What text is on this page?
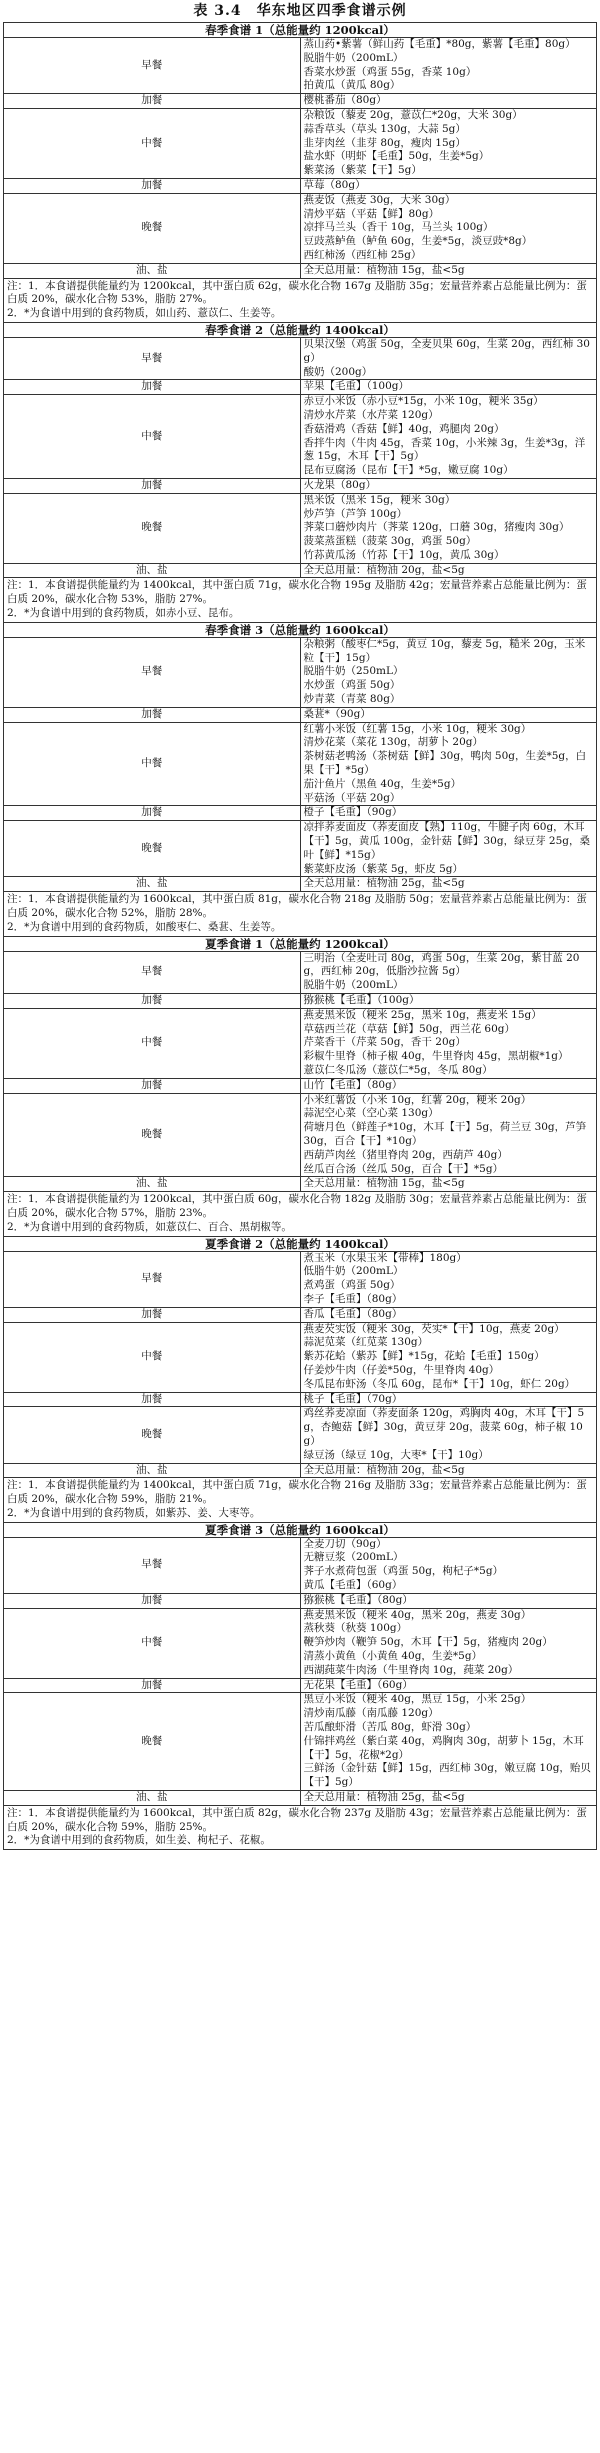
表 3.4　华东地区四季食谱示例
春季食谱 1（总能量约 1200kcal）	
早餐	蒸山药•紫薯（鲜山药【毛重】*80g，紫薯【毛重】80g）
脱脂牛奶（200mL）
香菜水炒蛋（鸡蛋 55g，香菜 10g）
拍黄瓜（黄瓜 80g）

加餐	樱桃番茄（80g）

中餐	杂粮饭（藜麦 20g，薏苡仁*20g，大米 30g）
蒜香草头（草头 130g，大蒜 5g）
韭芽肉丝（韭芽 80g，瘦肉 15g）
盐水虾（明虾【毛重】50g，生姜*5g）
紫菜汤（紫菜【干】5g）

加餐	草莓（80g）

晚餐	燕麦饭（燕麦 30g，大米 30g）
清炒平菇（平菇【鲜】80g）
凉拌马兰头（香干 10g，马兰头 100g）
豆豉蒸鲈鱼（鲈鱼 60g，生姜*5g，淡豆豉*8g）
西红柿汤（西红柿 25g）

油、盐	全天总用量：植物油 15g，盐<5g

注：1．本食谱提供能量约为 1200kcal，其中蛋白质 62g，碳水化合物 167g 及脂肪 35g；宏量营养素占总能量比例为：蛋白质 20%，碳水化合物 53%，脂肪 27%。
2．*为食谱中用到的食药物质，如山药、薏苡仁、生姜等。	

春季食谱 2（总能量约 1400kcal）	
早餐	贝果汉堡（鸡蛋 50g，全麦贝果 60g，生菜 20g，西红柿 30g）
酸奶（200g）

加餐	苹果【毛重】（100g）

中餐	赤豆小米饭（赤小豆*15g，小米 10g，粳米 35g）
清炒水芹菜（水芹菜 120g）
香菇滑鸡（香菇【鲜】40g，鸡腿肉 20g）
香拌牛肉（牛肉 45g，香菜 10g，小米辣 3g，生姜*3g，洋葱 15g，木耳【干】5g）
昆布豆腐汤（昆布【干】*5g，嫩豆腐 10g）

加餐	火龙果（80g）

晚餐	黑米饭（黑米 15g，粳米 30g）
炒芦笋（芦笋 100g）
荠菜口蘑炒肉片（荠菜 120g，口蘑 30g，猪瘦肉 30g）
菠菜蒸蛋糕（菠菜 30g，鸡蛋 50g）
竹荪黄瓜汤（竹荪【干】10g，黄瓜 30g）

油、盐	全天总用量：植物油 20g，盐<5g

注：1．本食谱提供能量约为 1400kcal，其中蛋白质 71g，碳水化合物 195g 及脂肪 42g；宏量营养素占总能量比例为：蛋白质 20%，碳水化合物 53%，脂肪 27%。
2．*为食谱中用到的食药物质，如赤小豆、昆布。	

春季食谱 3（总能量约 1600kcal）	
早餐	杂粮粥（酸枣仁*5g，黄豆 10g，藜麦 5g，糙米 20g，玉米粒【干】15g）
脱脂牛奶（250mL）
水炒蛋（鸡蛋 50g）
炒青菜（青菜 80g）

加餐	桑葚*（90g）

中餐	红薯小米饭（红薯 15g，小米 10g，粳米 30g）
清炒花菜（菜花 130g，胡萝卜 20g）
茶树菇老鸭汤（茶树菇【鲜】30g，鸭肉 50g，生姜*5g，白果【干】*5g）
茄汁鱼片（黑鱼 40g，生姜*5g）
平菇汤（平菇 20g）

加餐	橙子【毛重】（90g）

晚餐	凉拌荞麦面皮（荞麦面皮【熟】110g，牛腱子肉 60g，木耳【干】5g，黄瓜 100g，金针菇【鲜】30g，绿豆芽 25g，桑叶【鲜】*15g）
紫菜虾皮汤（紫菜 5g，虾皮 5g）

油、盐	全天总用量：植物油 25g，盐<5g

注：1．本食谱提供能量约为 1600kcal，其中蛋白质 81g，碳水化合物 218g 及脂肪 50g；宏量营养素占总能量比例为：蛋白质 20%，碳水化合物 52%，脂肪 28%。
2．*为食谱中用到的食药物质，如酸枣仁、桑葚、生姜等。	

夏季食谱 1（总能量约 1200kcal）	
早餐	三明治（全麦吐司 80g，鸡蛋 50g，生菜 20g，紫甘蓝 20g，西红柿 20g，低脂沙拉酱 5g）
脱脂牛奶（200mL）

加餐	猕猴桃【毛重】（100g）

中餐	燕麦黑米饭（粳米 25g，黑米 10g，燕麦米 15g）
草菇西兰花（草菇【鲜】50g，西兰花 60g）
芹菜香干（芹菜 50g，香干 20g）
彩椒牛里脊（柿子椒 40g，牛里脊肉 45g，黑胡椒*1g）
薏苡仁冬瓜汤（薏苡仁*5g，冬瓜 80g）

加餐	山竹【毛重】（80g）

晚餐	小米红薯饭（小米 10g，红薯 20g，粳米 20g）
蒜泥空心菜（空心菜 130g）
荷塘月色（鲜莲子*10g，木耳【干】5g，荷兰豆 30g，芦笋 30g，百合【干】*10g）
西葫芦肉丝（猪里脊肉 20g，西葫芦 40g）
丝瓜百合汤（丝瓜 50g，百合【干】*5g）

油、盐	全天总用量：植物油 15g，盐<5g

注：1．本食谱提供能量约为 1200kcal，其中蛋白质 60g，碳水化合物 182g 及脂肪 30g；宏量营养素占总能量比例为：蛋白质 20%，碳水化合物 57%，脂肪 23%。
2．*为食谱中用到的食药物质，如薏苡仁、百合、黑胡椒等。	

夏季食谱 2（总能量约 1400kcal）	
早餐	煮玉米（水果玉米【带棒】180g）
低脂牛奶（200mL）
煮鸡蛋（鸡蛋 50g）
李子【毛重】（80g）

加餐	香瓜【毛重】（80g）

中餐	燕麦芡实饭（粳米 30g，芡实*【干】10g，燕麦 20g）
蒜泥苋菜（红苋菜 130g）
紫苏花蛤（紫苏【鲜】*15g，花蛤【毛重】150g）
仔姜炒牛肉（仔姜*50g，牛里脊肉 40g）
冬瓜昆布虾汤（冬瓜 60g，昆布*【干】10g，虾仁 20g）

加餐	桃子【毛重】（70g）

晚餐	鸡丝荞麦凉面（荞麦面条 120g，鸡胸肉 40g，木耳【干】5g，杏鲍菇【鲜】30g，黄豆芽 20g，菠菜 60g，柿子椒 10g）
绿豆汤（绿豆 10g，大枣*【干】10g）

油、盐	全天总用量：植物油 20g，盐<5g

注：1．本食谱提供能量约为 1400kcal，其中蛋白质 71g，碳水化合物 216g 及脂肪 33g；宏量营养素占总能量比例为：蛋白质 20%，碳水化合物 59%，脂肪 21%。
2．*为食谱中用到的食药物质，如紫苏、姜、大枣等。	

夏季食谱 3（总能量约 1600kcal）	
早餐	全麦刀切（90g）
无糖豆浆（200mL）
荠子水煮荷包蛋（鸡蛋 50g，枸杞子*5g）
黄瓜【毛重】（60g）

加餐	猕猴桃【毛重】（80g）

中餐	燕麦黑米饭（粳米 40g，黑米 20g，燕麦 30g）
蒸秋葵（秋葵 100g）
鞭笋炒肉（鞭笋 50g，木耳【干】5g，猪瘦肉 20g）
清蒸小黄鱼（小黄鱼 40g，生姜*5g）
西湖莼菜牛肉汤（牛里脊肉 10g，莼菜 20g）

加餐	无花果【毛重】（60g）

晚餐	黑豆小米饭（粳米 40g，黑豆 15g，小米 25g）
清炒南瓜藤（南瓜藤 120g）
苦瓜酿虾滑（苦瓜 80g，虾滑 30g）
什锦拌鸡丝（紫白菜 40g，鸡胸肉 30g，胡萝卜 15g，木耳【干】5g，花椒*2g）
三鲜汤（金针菇【鲜】15g，西红柿 30g，嫩豆腐 10g，贻贝【干】5g）

油、盐	全天总用量：植物油 25g，盐<5g

注：1．本食谱提供能量约为 1600kcal，其中蛋白质 82g，碳水化合物 237g 及脂肪 43g；宏量营养素占总能量比例为：蛋白质 20%，碳水化合物 59%，脂肪 25%。
2．*为食谱中用到的食药物质，如生姜、枸杞子、花椒。	
